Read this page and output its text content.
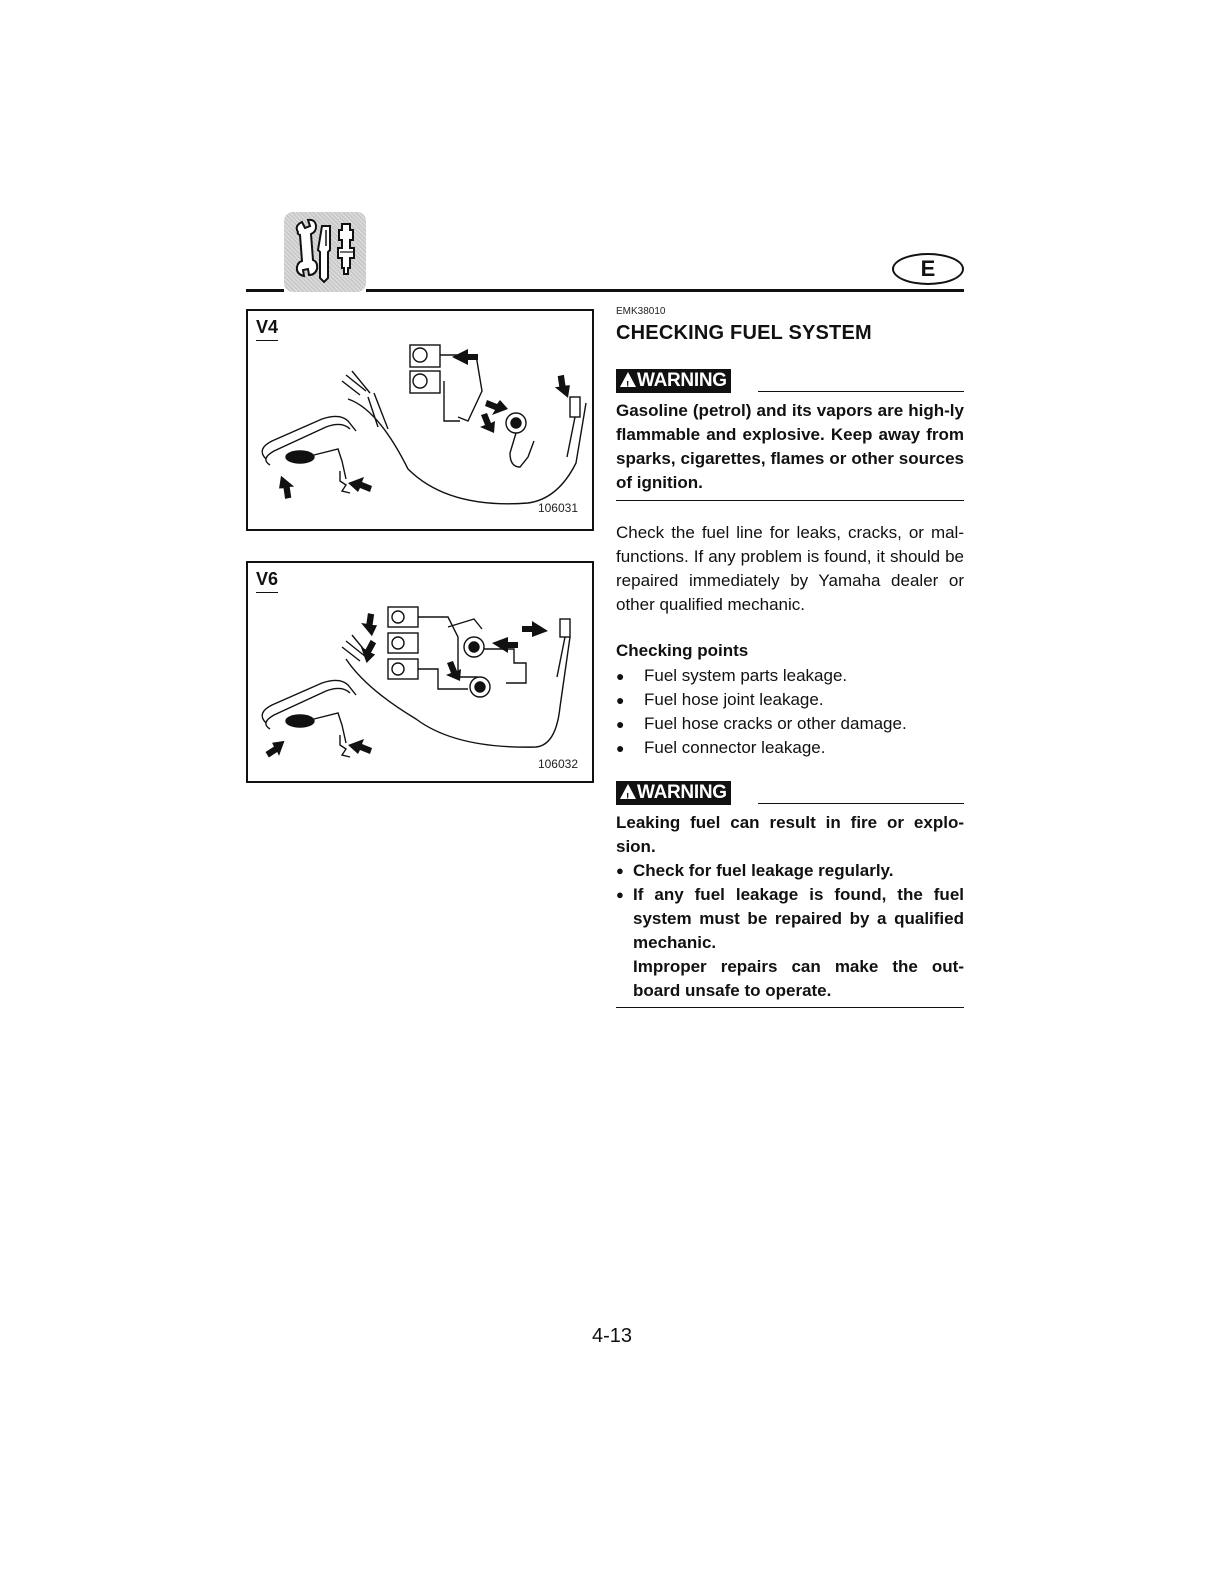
E
V4
106031
V6
106032
EMK38010
CHECKING FUEL SYSTEM
! WARNING

Gasoline (petrol) and its vapors are high-ly flammable and explosive. Keep away from sparks, cigarettes, flames or other sources of ignition.

Check the fuel line for leaks, cracks, or mal-functions. If any problem is found, it should be repaired immediately by Yamaha dealer or other qualified mechanic.

Checking points
● Fuel system parts leakage.
● Fuel hose joint leakage.
● Fuel hose cracks or other damage.
● Fuel connector leakage.
! WARNING

Leaking fuel can result in fire or explo-sion.

● Check for fuel leakage regularly.
● If any fuel leakage is found, the fuel system must be repaired by a qualified mechanic.

Improper repairs can make the out-board unsafe to operate.

4-13
